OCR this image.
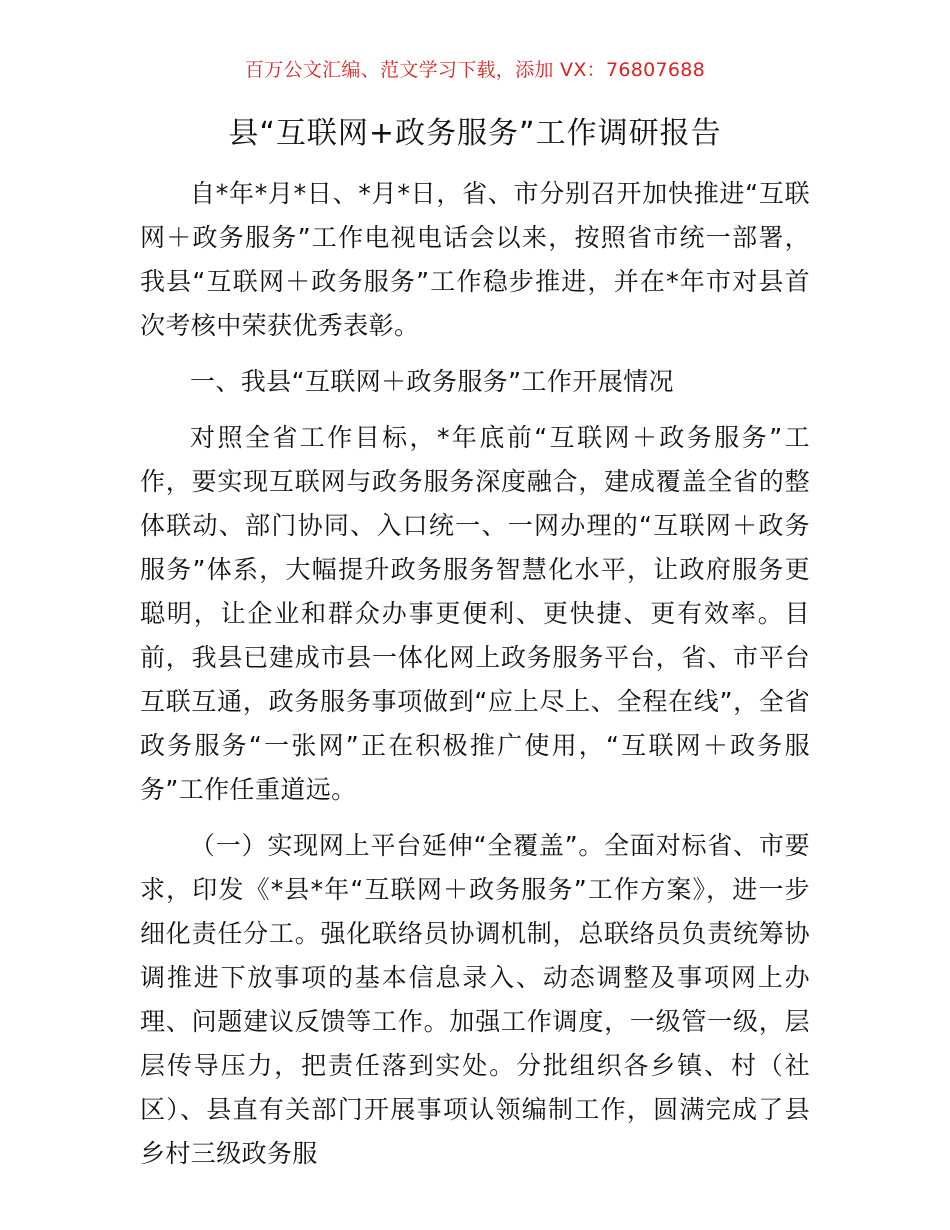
百万公文汇编、范文学习下载，添加 VX：76807688
县“互联网+政务服务”工作调研报告

自*年*月*日、*月*日，省、市分别召开加快推进“互联网＋政务服务”工作电视电话会以来，按照省市统一部署，我县“互联网＋政务服务”工作稳步推进，并在*年市对县首次考核中荣获优秀表彰。

一、我县“互联网＋政务服务”工作开展情况

对照全省工作目标，*年底前“互联网＋政务服务”工作，要实现互联网与政务服务深度融合，建成覆盖全省的整体联动、部门协同、入口统一、一网办理的“互联网＋政务服务”体系，大幅提升政务服务智慧化水平，让政府服务更聪明，让企业和群众办事更便利、更快捷、更有效率。目前，我县已建成市县一体化网上政务服务平台，省、市平台互联互通，政务服务事项做到“应上尽上、全程在线”，全省政务服务“一张网”正在积极推广使用，“互联网＋政务服务”工作任重道远。

（一）实现网上平台延伸“全覆盖”。全面对标省、市要求，印发《*县*年“互联网＋政务服务”工作方案》，进一步细化责任分工。强化联络员协调机制，总联络员负责统筹协调推进下放事项的基本信息录入、动态调整及事项网上办理、问题建议反馈等工作。加强工作调度，一级管一级，层层传导压力，把责任落到实处。分批组织各乡镇、村（社区）、县直有关部门开展事项认领编制工作，圆满完成了县乡村三级政务服
